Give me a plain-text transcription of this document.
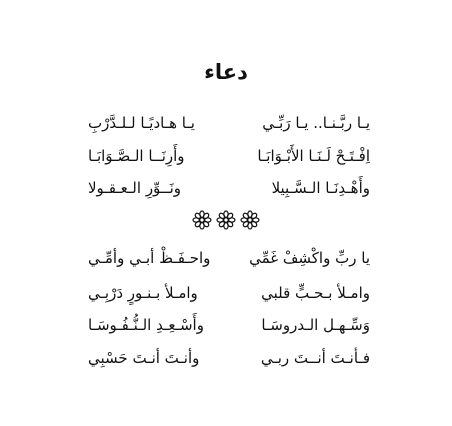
دعاء
يـا ربَّـنـا.. يـا رَبِّـي
يـا هـاديًـا لـلـدَّرْبِ
اِفْـتَـحْ لَـنَـا الأَبْـوَابَـا
وأَرِنَــا الـصَّـوَابَـا
وأَهْـدِنَـا الـسَّـبِيلا
ونَــوِّرِ الـعـقـولا
يا ربِّ واكْشِفْ غَمِّي
واحـفَـظْ أبـي وأمِّـي
وامـلأ بـحـبٍّ قلبي
وامـلأ بـنـورٍ دَرْبِـي
وَسِّـهـل الـدروسَـا
وأَسْـعِـدِ الـنُّـفُـوسَـا
فـأنـتَ أنــتَ ربـي
وأنـتَ أنـتَ حَسْبِي
